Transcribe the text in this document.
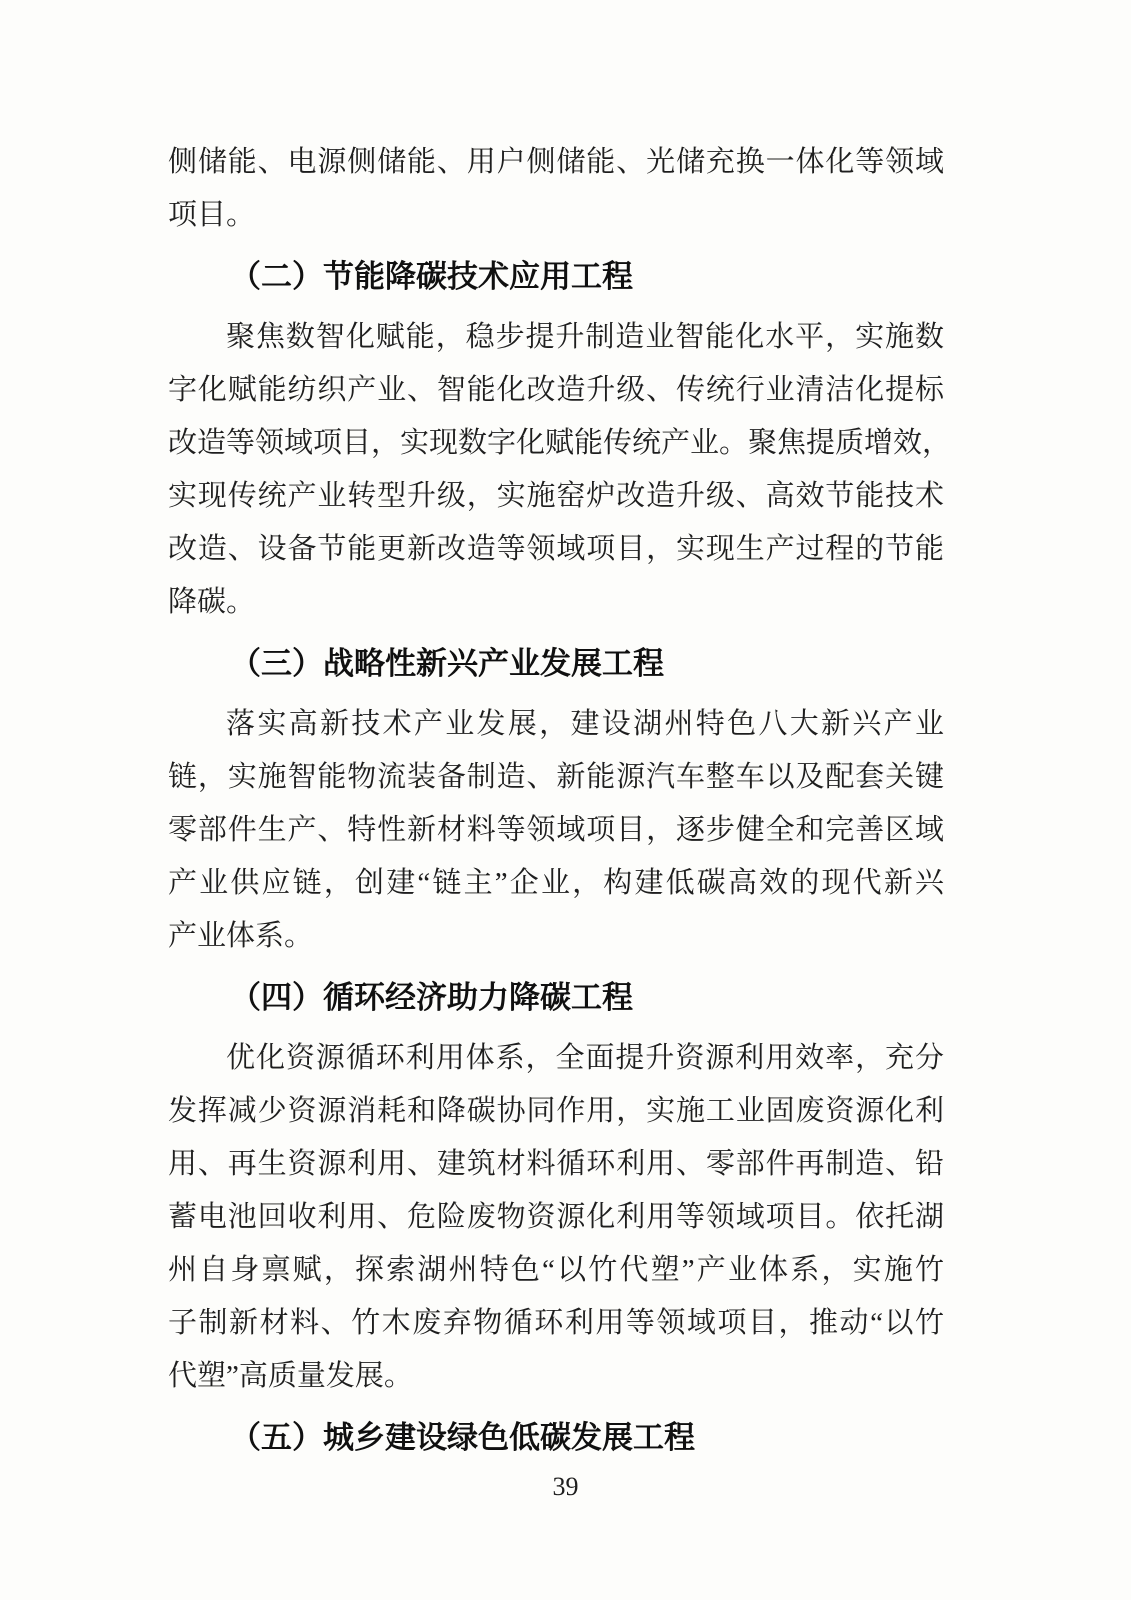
侧储能、电源侧储能、用户侧储能、光储充换一体化等领域
项目。
（二）节能降碳技术应用工程
聚焦数智化赋能，稳步提升制造业智能化水平，实施数
字化赋能纺织产业、智能化改造升级、传统行业清洁化提标
改造等领域项目，实现数字化赋能传统产业。聚焦提质增效，
实现传统产业转型升级，实施窑炉改造升级、高效节能技术
改造、设备节能更新改造等领域项目，实现生产过程的节能
降碳。
（三）战略性新兴产业发展工程
落实高新技术产业发展，建设湖州特色八大新兴产业
链，实施智能物流装备制造、新能源汽车整车以及配套关键
零部件生产、特性新材料等领域项目，逐步健全和完善区域
产业供应链，创建“链主”企业，构建低碳高效的现代新兴
产业体系。
（四）循环经济助力降碳工程
优化资源循环利用体系，全面提升资源利用效率，充分
发挥减少资源消耗和降碳协同作用，实施工业固废资源化利
用、再生资源利用、建筑材料循环利用、零部件再制造、铅
蓄电池回收利用、危险废物资源化利用等领域项目。依托湖
州自身禀赋，探索湖州特色“以竹代塑”产业体系，实施竹
子制新材料、竹木废弃物循环利用等领域项目，推动“以竹
代塑”高质量发展。
（五）城乡建设绿色低碳发展工程
39
